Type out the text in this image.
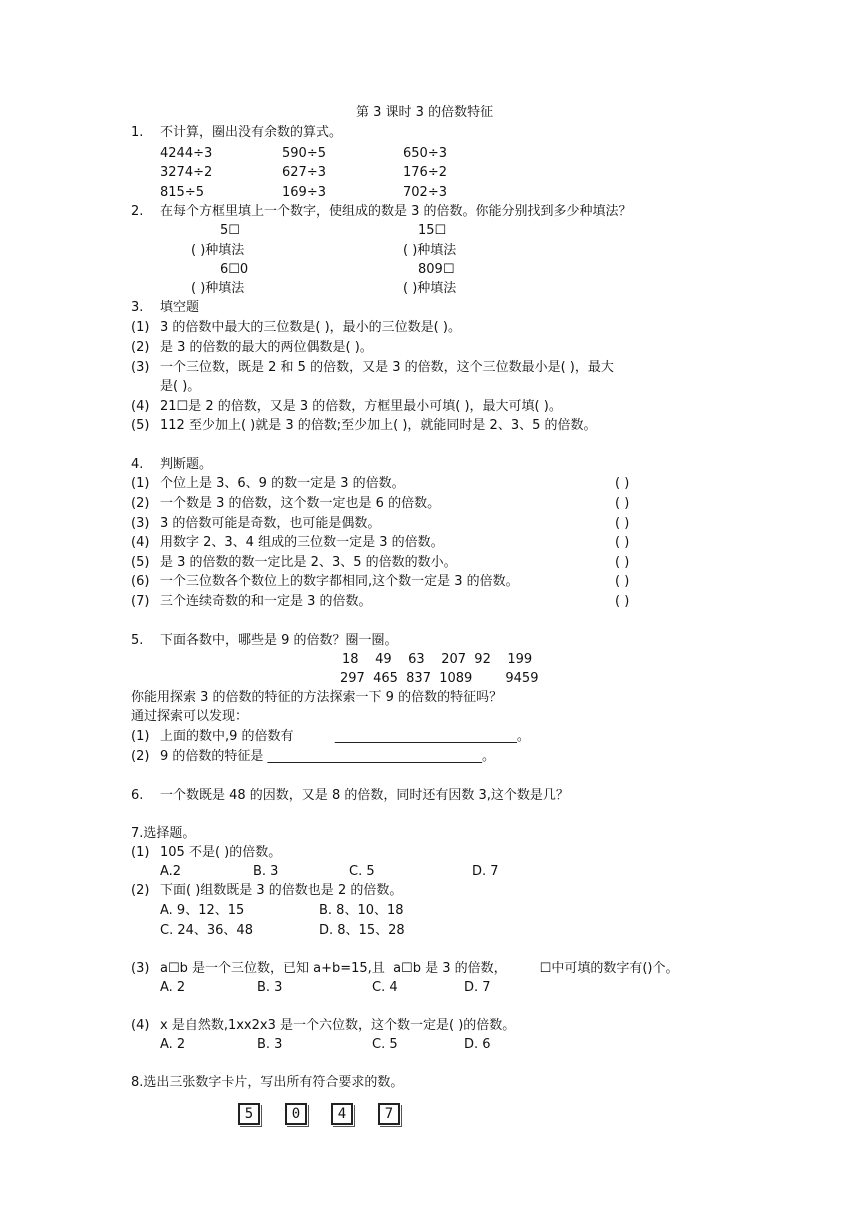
第 3 课时 3 的倍数特征
1. 不计算，圈出没有余数的算式。
4244÷3	590÷5	650÷3
3274÷2	627÷3	176÷2
815÷5	169÷3	702÷3
2. 在每个方框里填上一个数字，使组成的数是 3 的倍数。你能分别找到多少种填法？
5☐	15☐
( )种填法	( )种填法
6☐0	809☐
( )种填法	( )种填法
3. 填空题
(1) 3 的倍数中最大的三位数是( )，最小的三位数是( )。
(2) 是 3 的倍数的最大的两位偶数是( )。
(3) 一个三位数，既是 2 和 5 的倍数，又是 3 的倍数，这个三位数最小是( )，最大
是( )。
(4) 21☐是 2 的倍数，又是 3 的倍数，方框里最小可填( )，最大可填( )。
(5) 112 至少加上( )就是 3 的倍数;至少加上( )，就能同时是 2、3、5 的倍数。
4. 判断题。
(1) 个位上是 3、6、9 的数一定是 3 的倍数。	( )
(2) 一个数是 3 的倍数，这个数一定也是 6 的倍数。	( )
(3) 3 的倍数可能是奇数，也可能是偶数。	( )
(4) 用数字 2、3、4 组成的三位数一定是 3 的倍数。	( )
(5) 是 3 的倍数的数一定比是 2、3、5 的倍数的数小。	( )
(6) 一个三位数各个数位上的数字都相同,这个数一定是 3 的倍数。	( )
(7) 三个连续奇数的和一定是 3 的倍数。	( )
5. 下面各数中，哪些是 9 的倍数？圈一圈。
18    49    63    207  92    199
297  465  837  1089        9459
你能用探索 3 的倍数的特征的方法探索一下 9 的倍数的特征吗？
通过探索可以发现：
(1) 上面的数中,9 的倍数有          ____________________________。
(2) 9 的倍数的特征是 _________________________________。
6. 一个数既是 48 的因数，又是 8 的倍数，同时还有因数 3,这个数是几？
7.选择题。
(1) 105 不是( )的倍数。
A.2	B. 3	C. 5	D. 7
(2) 下面( )组数既是 3 的倍数也是 2 的倍数。
A. 9、12、15	B. 8、10、18
C. 24、36、48	D. 8、15、28
(3) a☐b 是一个三位数，已知 a+b=15,且  a☐b 是 3 的倍数，        ☐中可填的数字有()个。
A. 2	B. 3	C. 4	D. 7
(4) x 是自然数,1xx2x3 是一个六位数，这个数一定是( )的倍数。
A. 2	B. 3	C. 5	D. 6
8.选出三张数字卡片，写出所有符合要求的数。
5	0	4	7
